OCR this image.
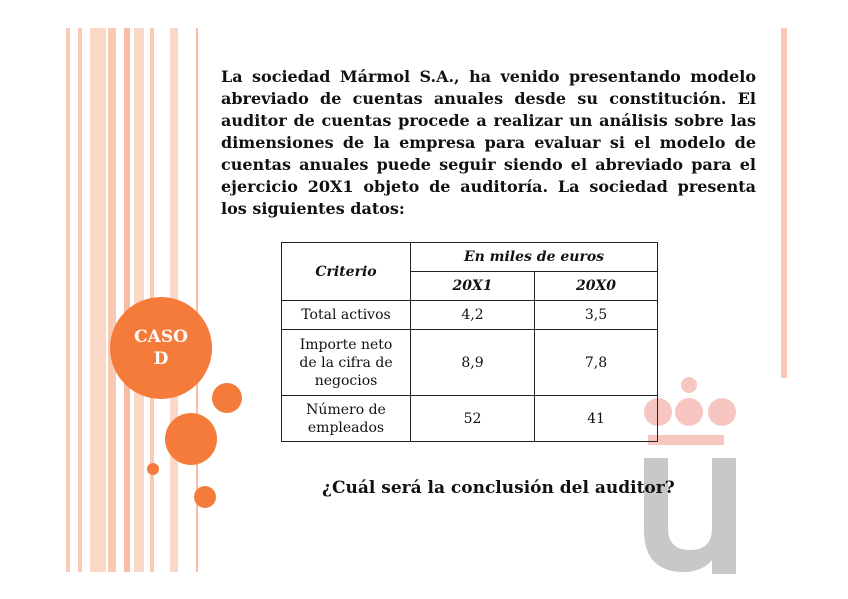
CASO
D
La sociedad Mármol S.A., ha venido presentando modelo abreviado de cuentas anuales desde su constitución. El auditor de cuentas procede a realizar un análisis sobre las dimensiones de la empresa para evaluar si el modelo de cuentas anuales puede seguir siendo el abreviado para el ejercicio 20X1 objeto de auditoría. La sociedad presenta los siguientes datos:
Criterio	En miles de euros	
	20X1	20X0
Total activos	4,2	3,5
Importe neto
de la cifra de
negocios	8,9	7,8
Número de
empleados	52	41
¿Cuál será la conclusión del auditor?
